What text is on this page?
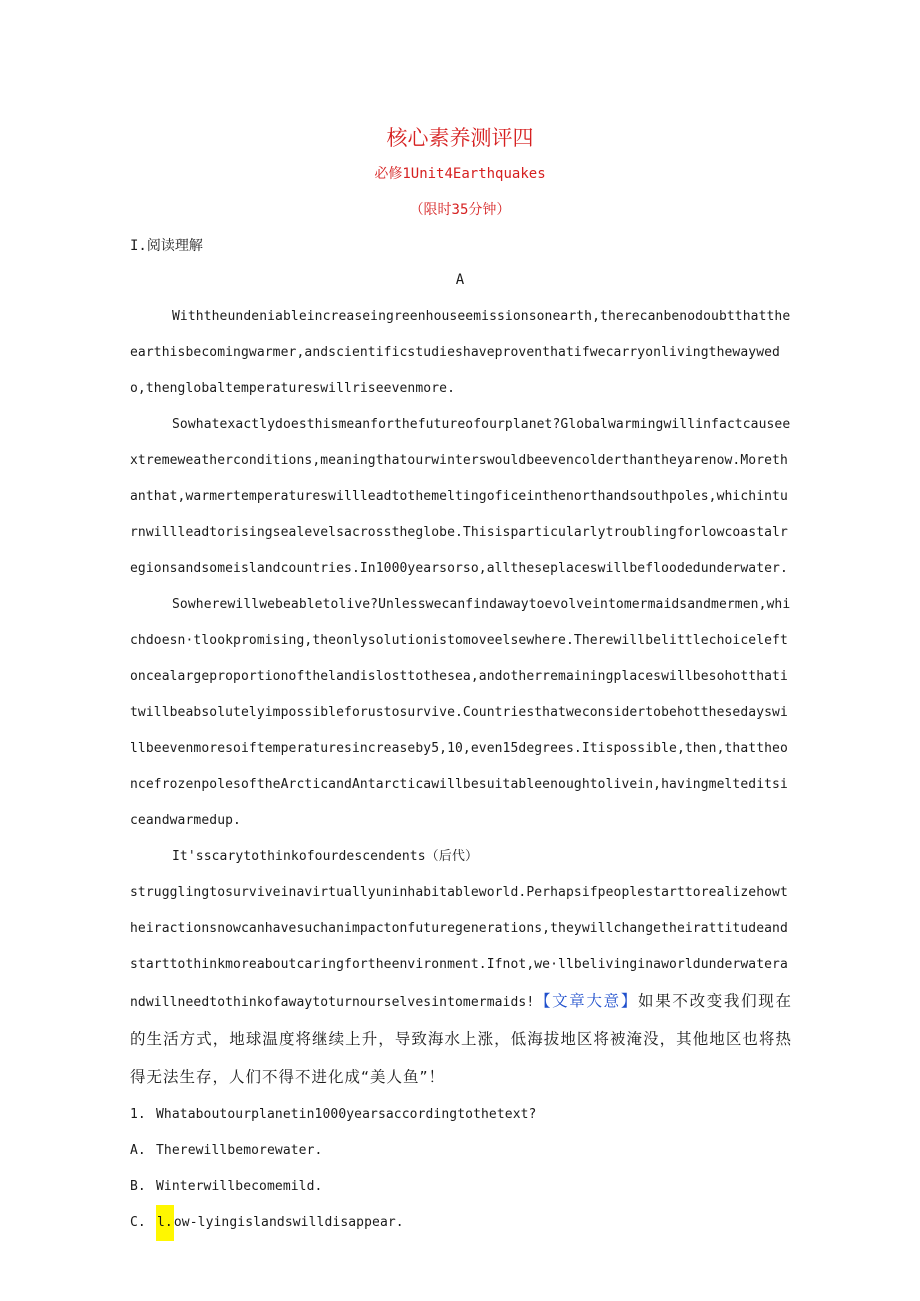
核心素养测评四
必修1Unit4Earthquakes
（限时35分钟）
I.阅读理解
A

Withtheundeniableincreaseingreenhouseemissionsonearth,therecanbenodoubtthattheearthisbecomingwarmer,andscientificstudieshaveproventhatifwecarryonlivingthewaywedo,thenglobaltemperatureswillriseevenmore.

Sowhatexactlydoesthismeanforthefutureofourplanet?Globalwarmingwillinfactcauseextremeweatherconditions,meaningthatourwinterswouldbeevencolderthantheyarenow.Morethanthat,warmertemperatureswillleadtothemeltingoficeinthenorthandsouthpoles,whichinturnwillleadtorisingsealevelsacrosstheglobe.Thisisparticularlytroublingforlowcoastalregionsandsomeislandcountries.In1000yearsorso,alltheseplaceswillbefloodedunderwater.

Sowherewillwebeabletolive?Unlesswecanfindawaytoevolveintomermaidsandmermen,whichdoesn·tlookpromising,theonlysolutionistomoveelsewhere.Therewillbelittlechoiceleftoncealargeproportionofthelandislosttothesea,andotherremainingplaceswillbesohotthatitwillbeabsolutelyimpossibleforustosurvive.Countriesthatweconsidertobehotthesedayswillbeevenmoresoiftemperaturesincreaseby5,10,even15degrees.Itispossible,then,thattheoncefrozenpolesoftheArcticandAntarcticawillbesuitableenoughtolivein,havingmelteditsiceandwarmedup.

It'sscarytothinkofourdescendents（后代）

strugglingtosurviveinavirtuallyuninhabitableworld.Perhapsifpeoplestarttorealizehowtheiractionsnowcanhavesuchanimpactonfuturegenerations,theywillchangetheirattitudeandstarttothinkmoreaboutcaringfortheenvironment.Ifnot,we·llbelivinginaworldunderwaterandwillneedtothinkofawaytoturnourselvesintomermaids!【文章大意】如果不改变我们现在的生活方式，地球温度将继续上升，导致海水上涨，低海拔地区将被淹没，其他地区也将热得无法生存，人们不得不进化成“美人鱼”！

1. Whataboutourplanetin1000yearsaccordingtothetext?

A. Therewillbemorewater.

B. Winterwillbecomemild.

C. l.ow-lyingislandswilldisappear.
